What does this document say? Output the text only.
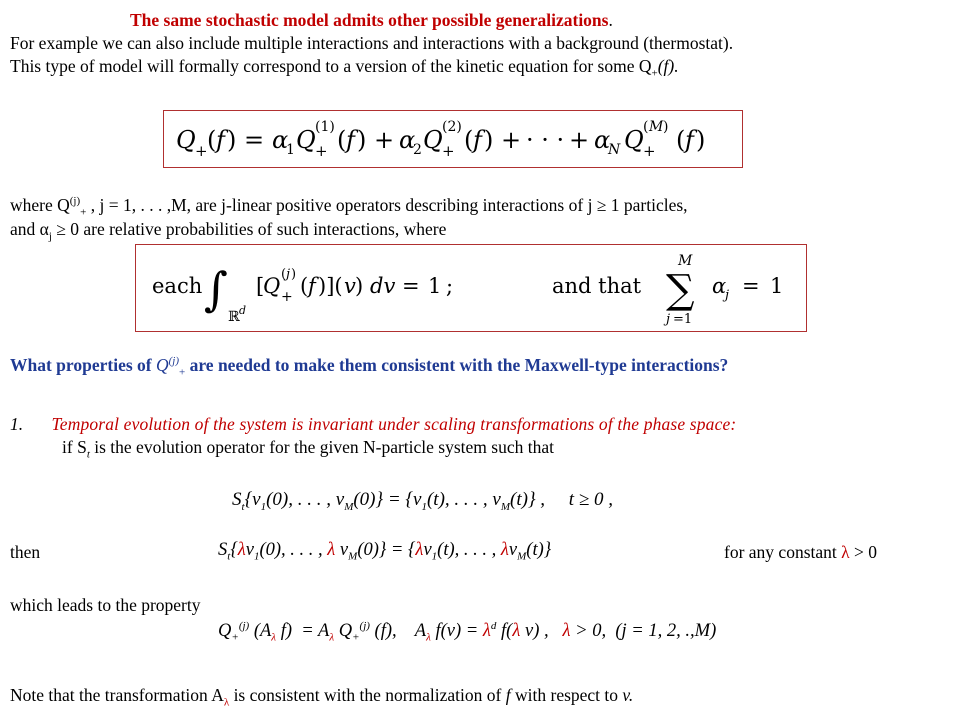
The same stochastic model admits other possible generalizations.
For example we can also include multiple interactions and interactions with a background (thermostat).
This type of model will formally correspond to a version of the kinetic equation for some $Q_+(f)$.
Q + ( f ) = α
1 Q (1)
+ ( f ) + α
2 Q (2)
+ ( f ) + · · · + α
N Q ( M )
+ ( f )
where $Q^{(j)}_+$ , j = 1, . . . ,M, are j-linear positive operators describing interactions of j ≥ 1 particles,
and $\alpha_j \ge 0$ are relative probabilities of such interactions, where
each ∫
ℝ d
[
Q ( j )
+ ( f )]( v ) dv = 1 ;	and that
M
∑
j =1
α
j = 1
What properties of $Q^{(j)}_+$ are needed to make them consistent with the Maxwell-type interactions?
1. Temporal evolution of the system is invariant under scaling transformations of the phase space:
if $S_t$ is the evolution operator for the given N-particle system such that
$S_t\{v_1(0)$, . . . , $v_M(0)\} = \{v_1(t)$, . . . , $v_M(t)$} ,     t ≥ 0 ,
then	$S_t\{\lambda v_1(0)$, . . . , λ $v_M(0)\} = \{\lambda v_1(t)$, . . . , $\lambda v_M(t)$}	for any constant λ > 0
which leads to the property
$Q_+^{(j)}$ ($A_\lambda$ $f) = A_\lambda$ $Q_+^{(j)}$ (f),    $A_\lambda$ $f(v) = \lambda^d$ f(λ v) ,   λ > 0,  (j = 1, 2, .,M)
Note that the transformation $A_\lambda$ is consistent with the normalization of f with respect to v.
